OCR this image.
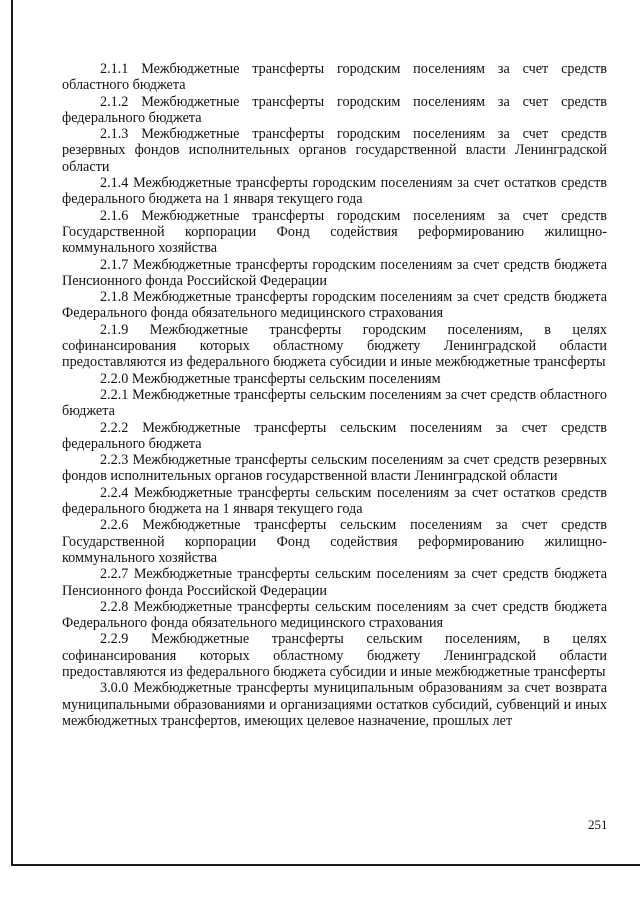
2.1.1 Межбюджетные трансферты городским поселениям за счет средств областного бюджета

2.1.2 Межбюджетные трансферты городским поселениям за счет средств федерального бюджета

2.1.3 Межбюджетные трансферты городским поселениям за счет средств резервных фондов исполнительных органов государственной власти Ленинградской области

2.1.4 Межбюджетные трансферты городским поселениям за счет остатков средств федерального бюджета на 1 января текущего года

2.1.6 Межбюджетные трансферты городским поселениям за счет средств Государственной корпорации Фонд содействия реформированию жилищно-коммунального хозяйства

2.1.7 Межбюджетные трансферты городским поселениям за счет средств бюджета Пенсионного фонда Российской Федерации

2.1.8 Межбюджетные трансферты городским поселениям за счет средств бюджета Федерального фонда обязательного медицинского страхования

2.1.9 Межбюджетные трансферты городским поселениям, в целях софинансирования которых областному бюджету Ленинградской области предоставляются из федерального бюджета субсидии и иные межбюджетные трансферты

2.2.0 Межбюджетные трансферты сельским поселениям

2.2.1 Межбюджетные трансферты сельским поселениям за счет средств областного бюджета

2.2.2 Межбюджетные трансферты сельским поселениям за счет средств федерального бюджета

2.2.3 Межбюджетные трансферты сельским поселениям за счет средств резервных фондов исполнительных органов государственной власти Ленинградской области

2.2.4 Межбюджетные трансферты сельским поселениям за счет остатков средств федерального бюджета на 1 января текущего года

2.2.6 Межбюджетные трансферты сельским поселениям за счет средств Государственной корпорации Фонд содействия реформированию жилищно-коммунального хозяйства

2.2.7 Межбюджетные трансферты сельским поселениям за счет средств бюджета Пенсионного фонда Российской Федерации

2.2.8 Межбюджетные трансферты сельским поселениям за счет средств бюджета Федерального фонда обязательного медицинского страхования

2.2.9 Межбюджетные трансферты сельским поселениям, в целях софинансирования которых областному бюджету Ленинградской области предоставляются из федерального бюджета субсидии и иные межбюджетные трансферты

3.0.0 Межбюджетные трансферты муниципальным образованиям за счет возврата муниципальными образованиями и организациями остатков субсидий, субвенций и иных межбюджетных трансфертов, имеющих целевое назначение, прошлых лет

251
